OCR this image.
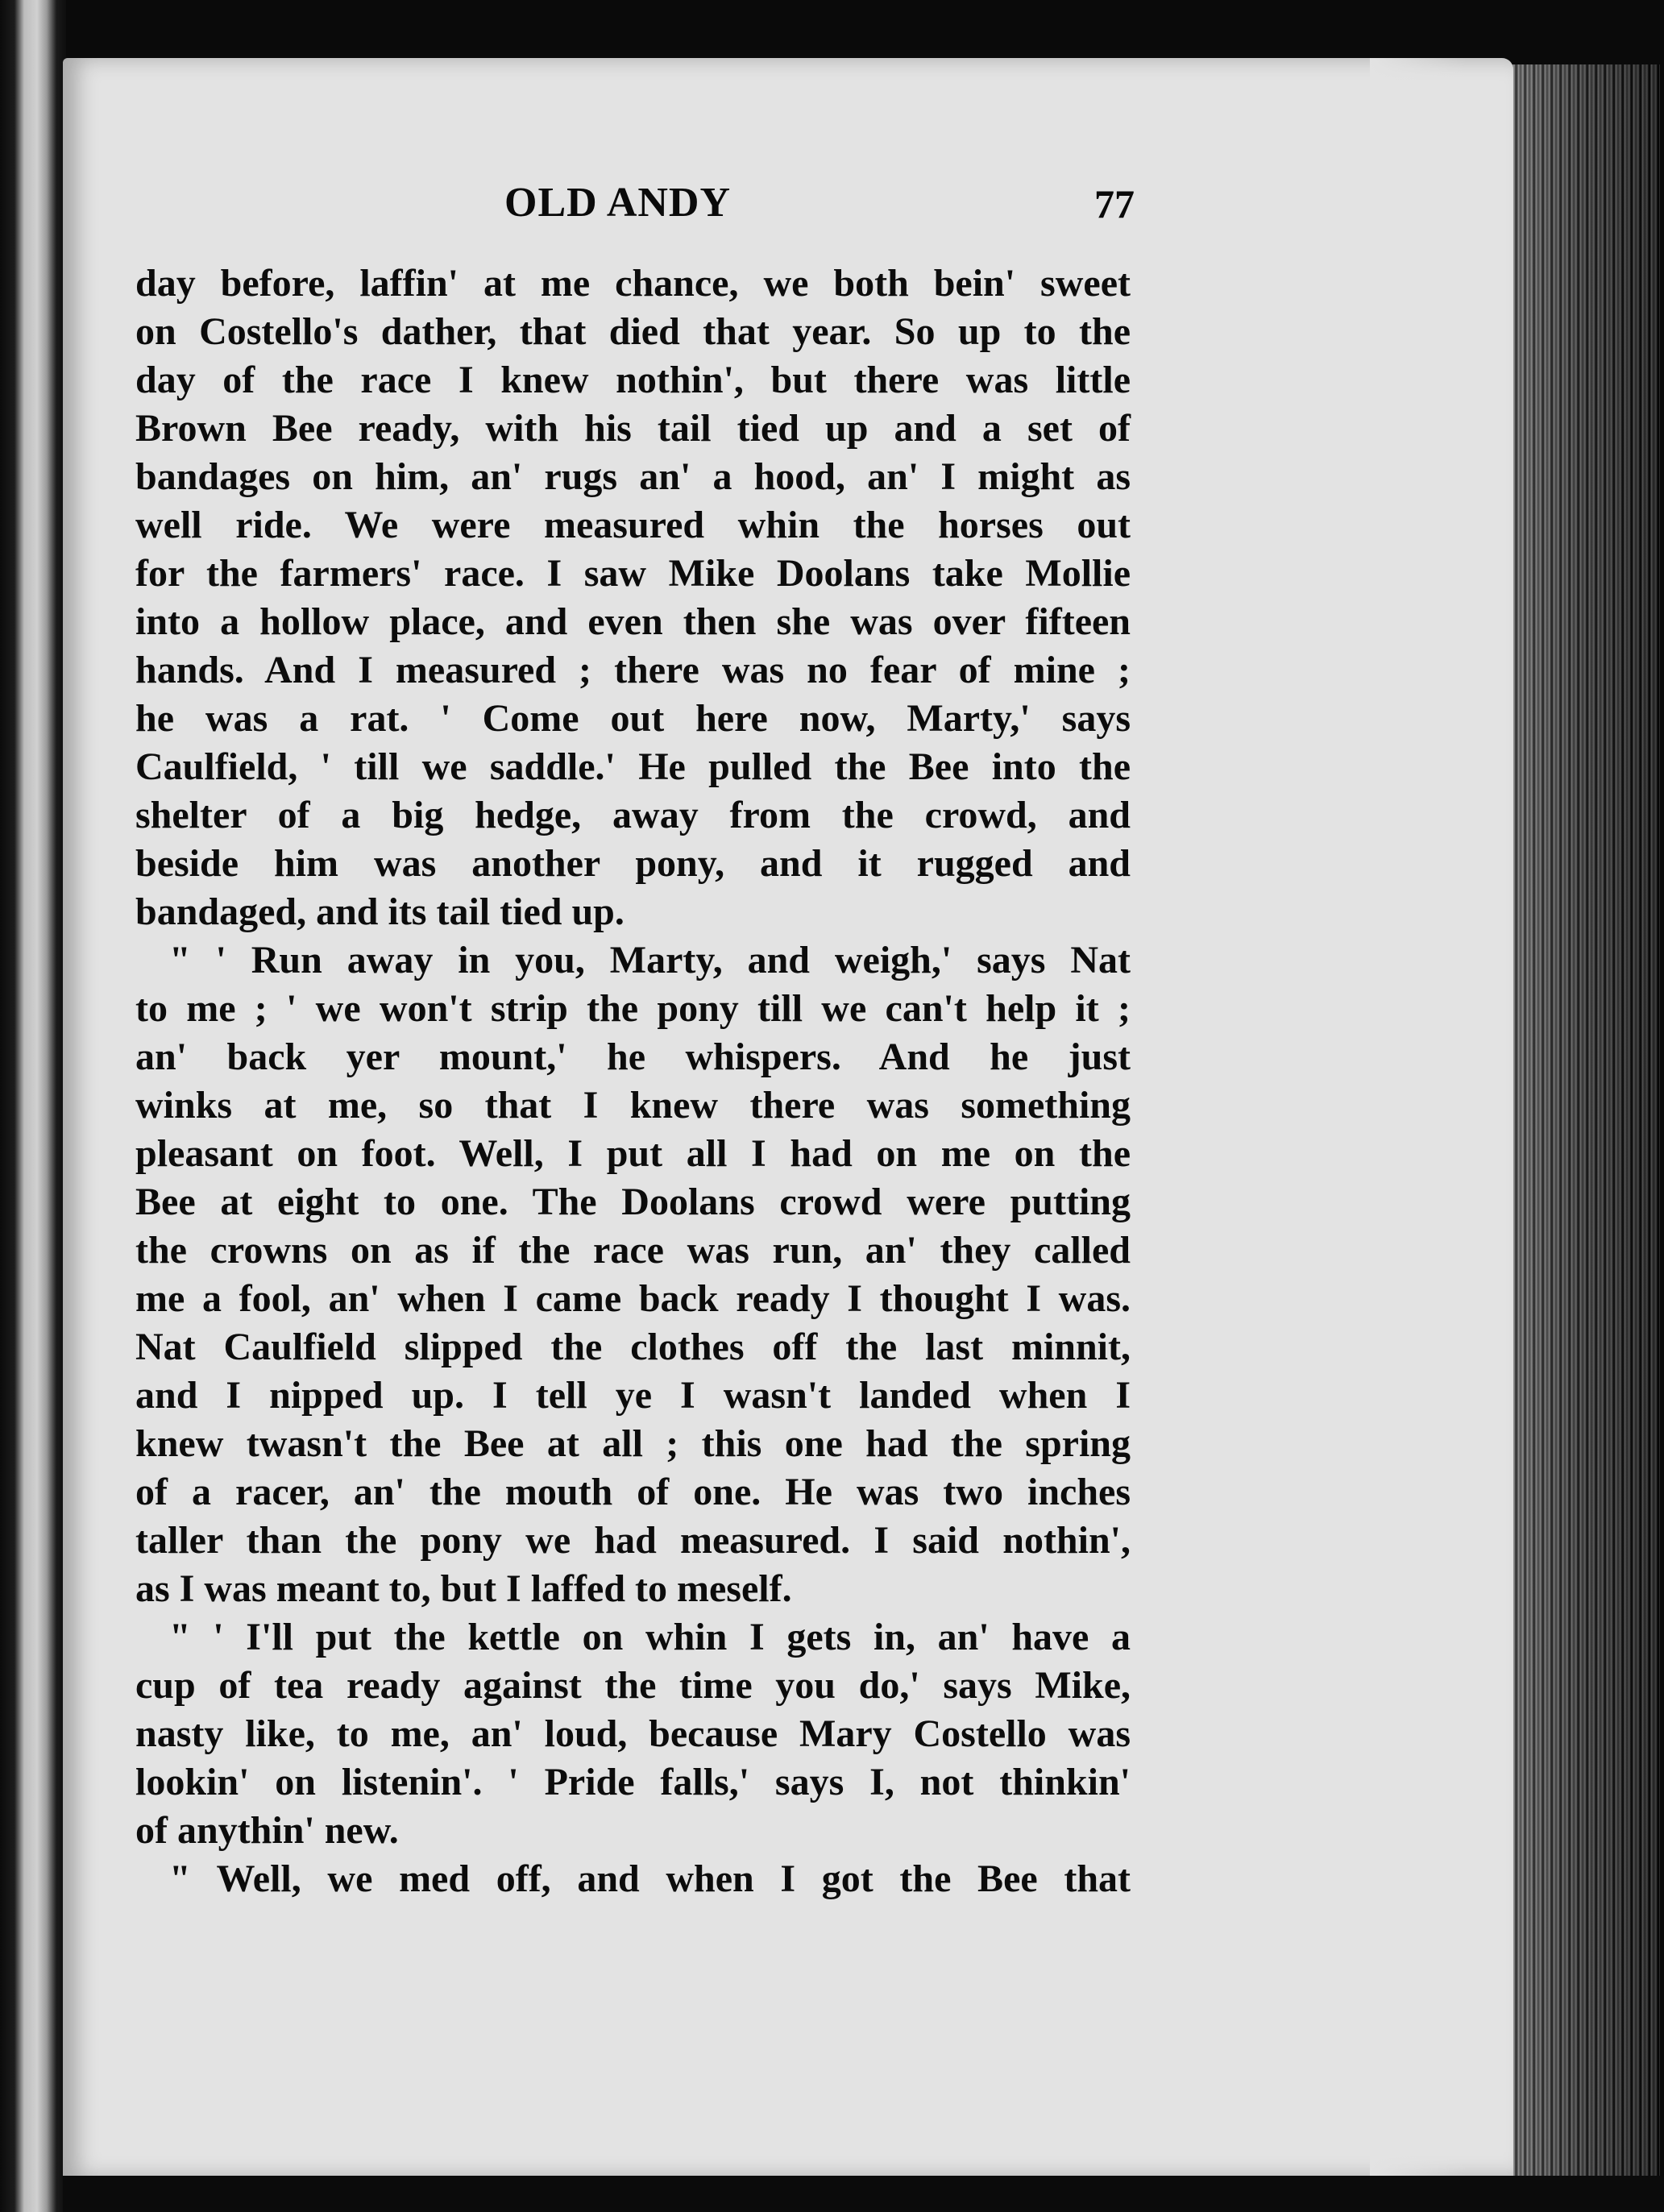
OLD ANDY	77
day before, laffin' at me chance, we both bein' sweet
on Costello's dather, that died that year. So up to the
day of the race I knew nothin', but there was little
Brown Bee ready, with his tail tied up and a set of
bandages on him, an' rugs an' a hood, an' I might as
well ride. We were measured whin the horses out
for the farmers' race. I saw Mike Doolans take Mollie
into a hollow place, and even then she was over fifteen
hands. And I measured ; there was no fear of mine ;
he was a rat. ' Come out here now, Marty,' says
Caulfield, ' till we saddle.' He pulled the Bee into the
shelter of a big hedge, away from the crowd, and
beside him was another pony, and it rugged and
bandaged, and its tail tied up.
" ' Run away in you, Marty, and weigh,' says Nat
to me ; ' we won't strip the pony till we can't help it ;
an' back yer mount,' he whispers. And he just
winks at me, so that I knew there was something
pleasant on foot. Well, I put all I had on me on the
Bee at eight to one. The Doolans crowd were putting
the crowns on as if the race was run, an' they called
me a fool, an' when I came back ready I thought I was.
Nat Caulfield slipped the clothes off the last minnit,
and I nipped up. I tell ye I wasn't landed when I
knew twasn't the Bee at all ; this one had the spring
of a racer, an' the mouth of one. He was two inches
taller than the pony we had measured. I said nothin',
as I was meant to, but I laffed to meself.
" ' I'll put the kettle on whin I gets in, an' have a
cup of tea ready against the time you do,' says Mike,
nasty like, to me, an' loud, because Mary Costello was
lookin' on listenin'. ' Pride falls,' says I, not thinkin'
of anythin' new.
" Well, we med off, and when I got the Bee that
